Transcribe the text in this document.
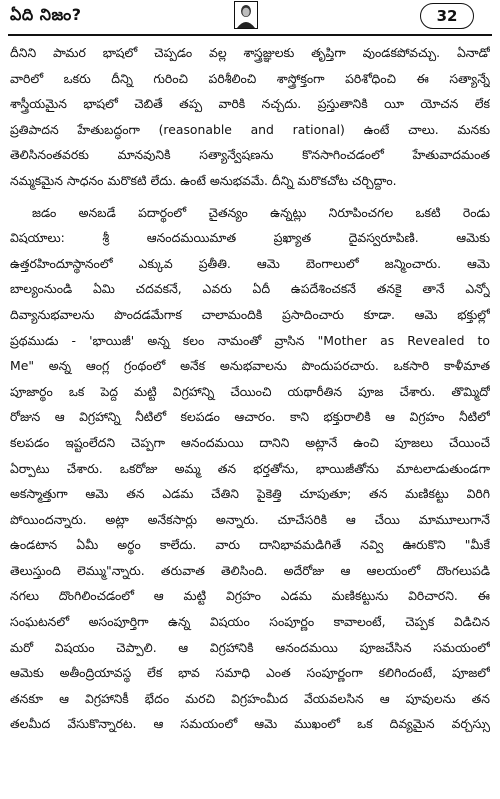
ఏది నిజం?	32
దీనిని పామర భాషలో చెప్పడం వల్ల శాస్త్రజ్ఞులకు తృప్తిగా వుండకపోవచ్చు. ఏనాడో
వారిలో ఒకరు దీన్ని గురించి పరిశీలించి శాస్త్రోక్తంగా పరిశోధించి ఈ సత్యాన్నే
శాస్త్రీయమైన భాషలో చెబితే తప్ప వారికి నచ్చదు. ప్రస్తుతానికి యీ యోచన లేక
ప్రతిపాదన హేతుబద్ధంగా (reasonable and rational) ఉంటే చాలు. మనకు
తెలిసినంతవరకు మానవునికి సత్యాన్వేషణను కొనసాగించడంలో హేతువాదమంత
నమ్మకమైన సాధనం మరొకటి లేదు. ఉంటే అనుభవమే. దీన్ని మరొకచోట చర్చిద్దాం.
జడం అనబడే పదార్థంలో చైతన్యం ఉన్నట్లు నిరూపించగల ఒకటి రెండు
విషయాలు: శ్రీ ఆనందమయిమాత ప్రఖ్యాత దైవస్వరూపిణి. ఆమెకు
ఉత్తరహిందూస్థానంలో ఎక్కువ ప్రతీతి. ఆమె బెంగాలులో జన్మించారు. ఆమె
బాల్యంనుండి ఏమి చదవకనే, ఎవరు ఏదీ ఉపదేశించకనే తనకై తానే ఎన్నో
దివ్యానుభవాలను పొందడమేగాక చాలామందికి ప్రసాదించారు కూడా. ఆమె భక్తుల్లో
ప్రథముడు - 'భాయిజీ' అన్న కలం నామంతో వ్రాసిన "Mother as Revealed to
Me" అన్న ఆంగ్ల గ్రంథంలో అనేక అనుభవాలను పొందుపరచారు. ఒకసారి కాళీమాత
పూజార్థం ఒక పెద్ద మట్టి విగ్రహాన్ని చేయించి యథారీతిన పూజ చేశారు. తొమ్మిదో
రోజున ఆ విగ్రహాన్ని నీటిలో కలపడం ఆచారం. కాని భక్తురాలికి ఆ విగ్రహం నీటిలో
కలపడం ఇష్టంలేదని చెప్పగా ఆనందమయి దానిని అట్లానే ఉంచి పూజలు చేయించే
ఏర్పాటు చేశారు. ఒకరోజు అమ్మ తన భర్తతోను, భాయిజీతోను మాటలాడుతుండగా
అకస్మాత్తుగా ఆమె తన ఎడమ చేతిని పైకెత్తి చూపుతూ; తన మణికట్టు విరిగి
పోయిందన్నారు. అట్లా అనేకసార్లు అన్నారు. చూచేసరికి ఆ చేయి మామూలుగానే
ఉండటాన ఏమీ అర్థం కాలేదు. వారు దానిభావమడిగితే నవ్వి ఊరుకొని "మీకే
తెలుస్తుంది లెమ్ము"న్నారు. తరువాత తెలిసింది. అదేరోజు ఆ ఆలయంలో దొంగలుపడి
నగలు దొంగిలించడంలో ఆ మట్టి విగ్రహం ఎడమ మణికట్టును విరిచారని. ఈ
సంఘటనలో అసంపూర్తిగా ఉన్న విషయం సంపూర్ణం కావాలంటే, చెప్పక విడిచిన
మరో విషయం చెప్పాలి. ఆ విగ్రహానికి ఆనందమయి పూజచేసిన సమయంలో
ఆమెకు అతీంద్రియావస్థ లేక భావ సమాధి ఎంత సంపూర్ణంగా కలిగిందంటే, పూజలో
తనకూ ఆ విగ్రహానికీ భేదం మరచి విగ్రహంమీద వేయవలసిన ఆ పూవులను తన
తలమీద వేసుకొన్నారట. ఆ సమయంలో ఆమె ముఖంలో ఒక దివ్యమైన వర్చస్సు
